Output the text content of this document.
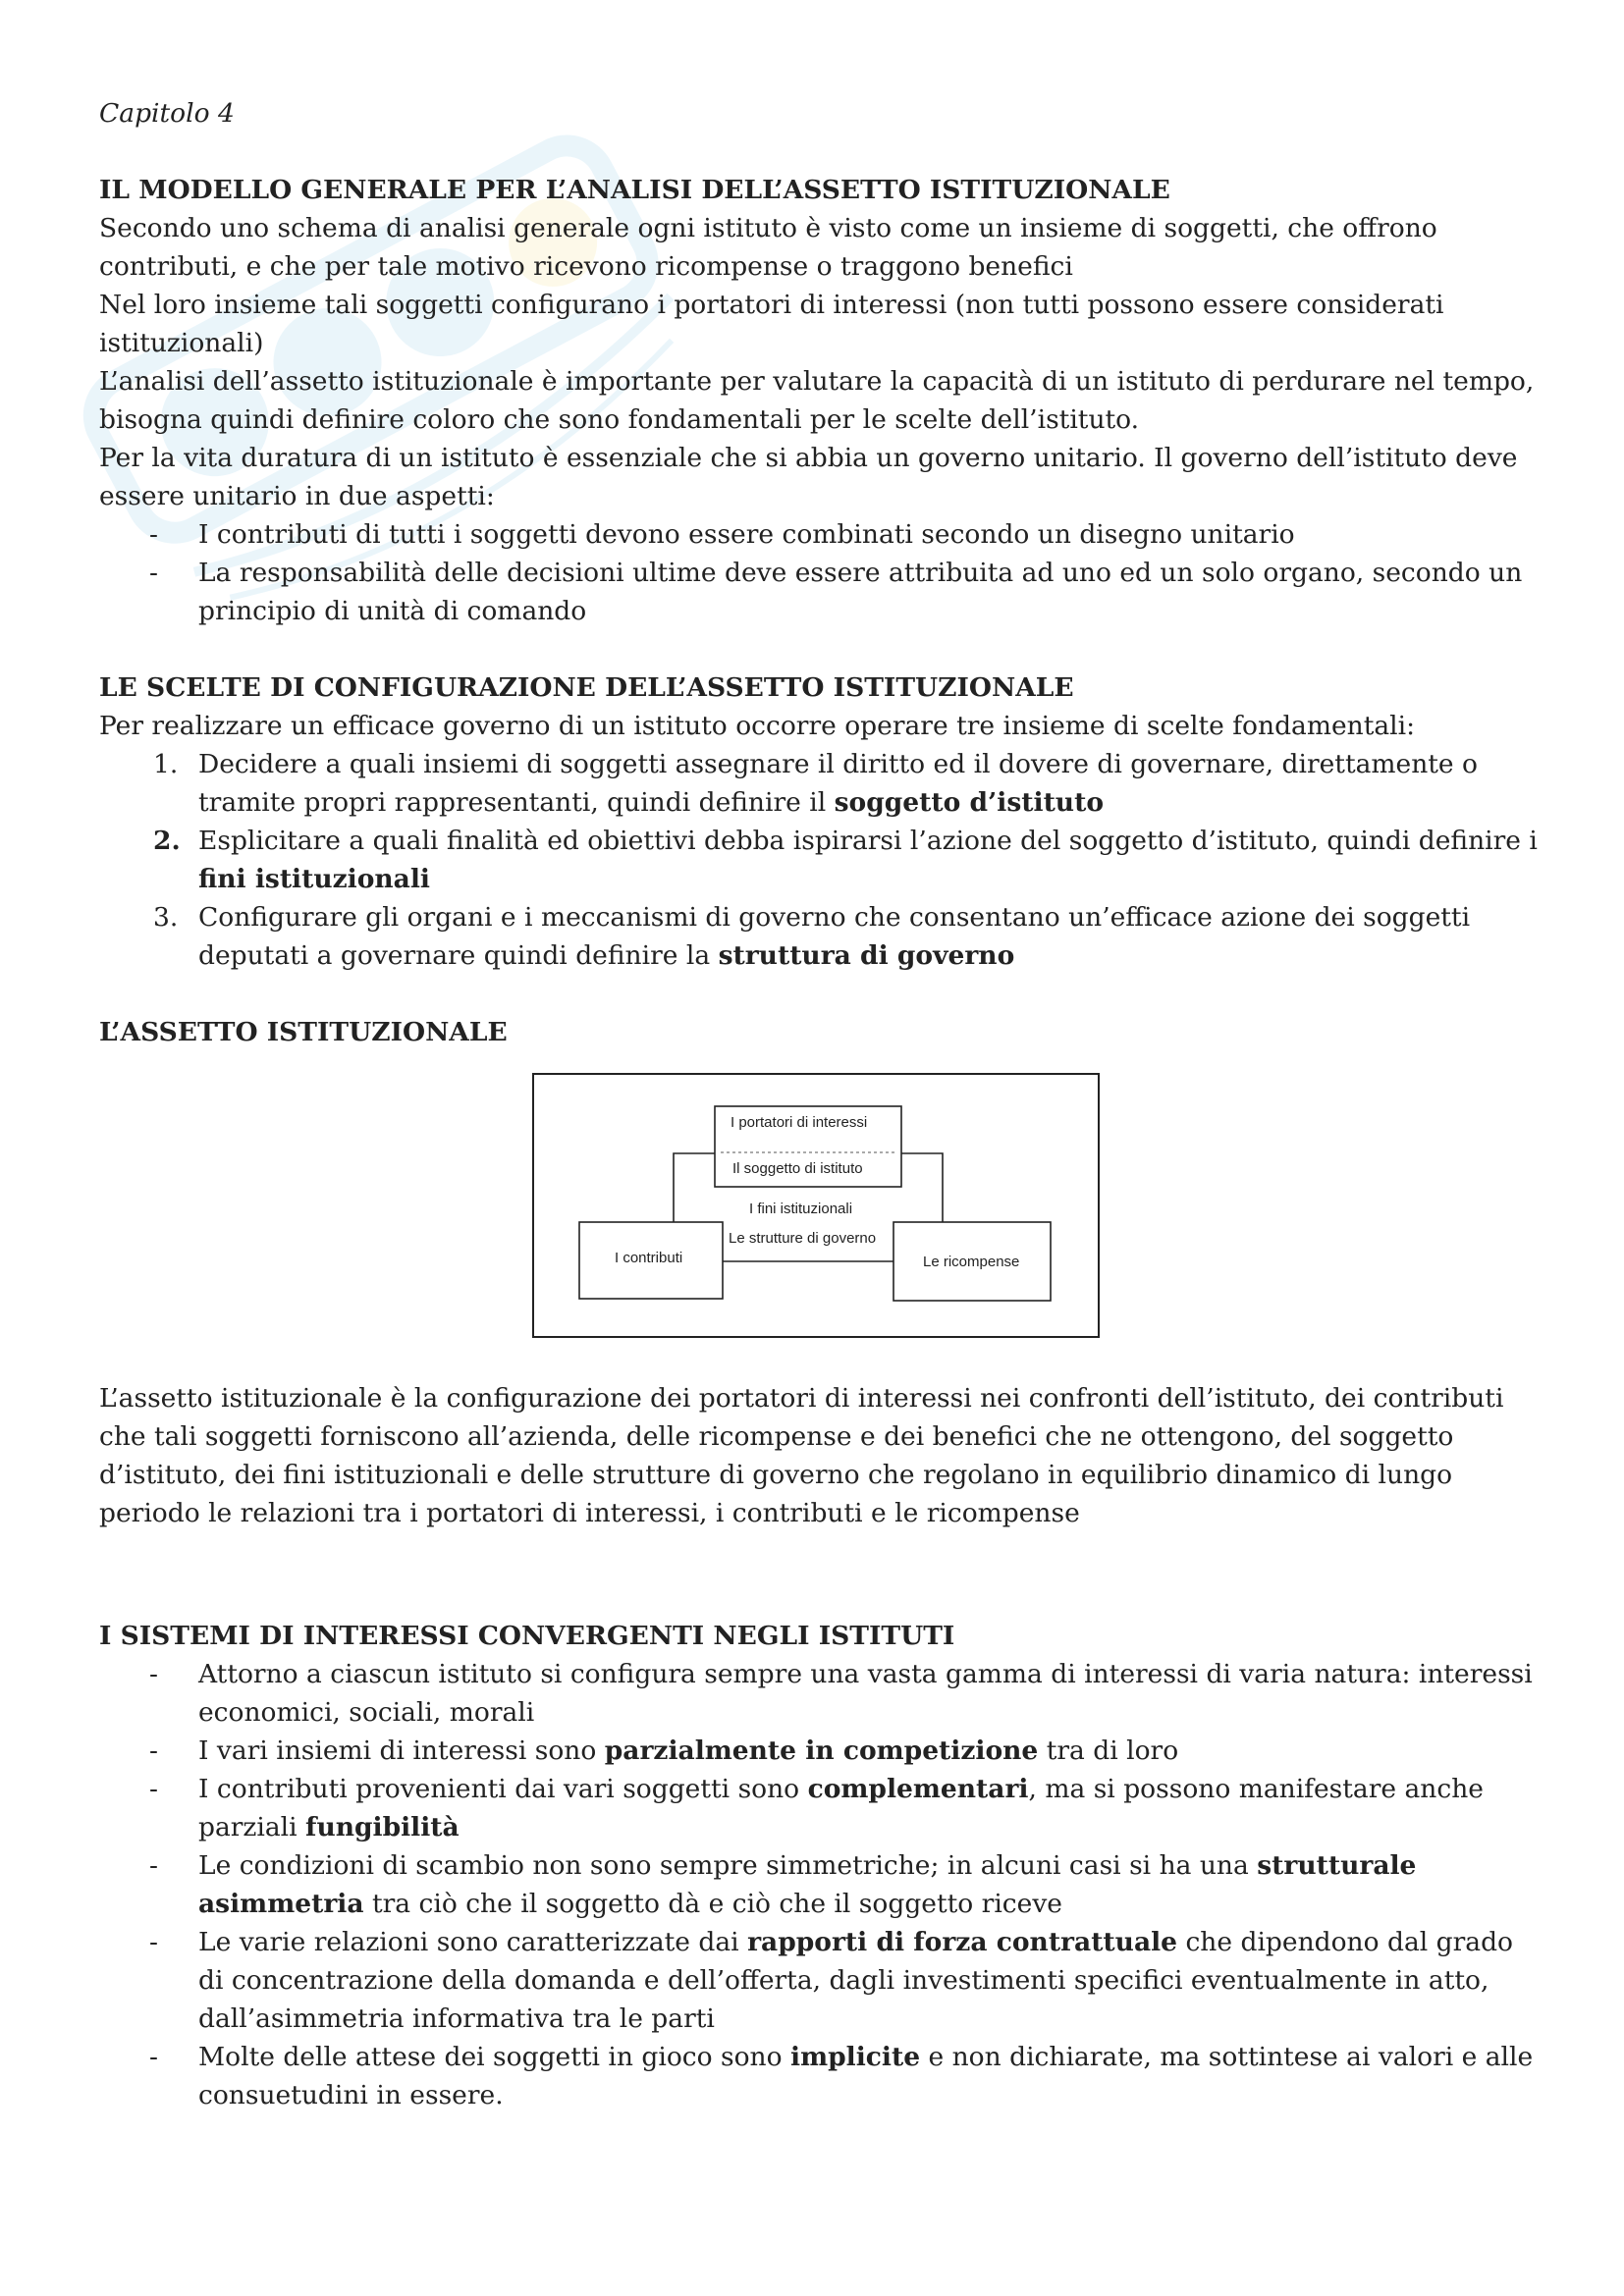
Capitolo 4

IL MODELLO GENERALE PER L’ANALISI DELL’ASSETTO ISTITUZIONALE

Secondo uno schema di analisi generale ogni istituto è visto come un insieme di soggetti, che offrono contributi, e che per tale motivo ricevono ricompense o traggono benefici

Nel loro insieme tali soggetti configurano i portatori di interessi (non tutti possono essere considerati istituzionali)

L’analisi dell’assetto istituzionale è importante per valutare la capacità di un istituto di perdurare nel tempo, bisogna quindi definire coloro che sono fondamentali per le scelte dell’istituto.

Per la vita duratura di un istituto è essenziale che si abbia un governo unitario. Il governo dell’istituto deve essere unitario in due aspetti:

- I contributi di tutti i soggetti devono essere combinati secondo un disegno unitario
- La responsabilità delle decisioni ultime deve essere attribuita ad uno ed un solo organo, secondo un principio di unità di comando
LE SCELTE DI CONFIGURAZIONE DELL’ASSETTO ISTITUZIONALE

Per realizzare un efficace governo di un istituto occorre operare tre insieme di scelte fondamentali:

1. Decidere a quali insiemi di soggetti assegnare il diritto ed il dovere di governare, direttamente o tramite propri rappresentanti, quindi definire il soggetto d’istituto
2. Esplicitare a quali finalità ed obiettivi debba ispirarsi l’azione del soggetto d’istituto, quindi definire i fini istituzionali
3. Configurare gli organi e i meccanismi di governo che consentano un’efficace azione dei soggetti deputati a governare quindi definire la struttura di governo
L’ASSETTO ISTITUZIONALE
I portatori di interessi
Il soggetto di istituto
I fini istituzionali
Le strutture di governo
I contributi	Le ricompense

L’assetto istituzionale è la configurazione dei portatori di interessi nei confronti dell’istituto, dei contributi che tali soggetti forniscono all’azienda, delle ricompense e dei benefici che ne ottengono, del soggetto d’istituto, dei fini istituzionali e delle strutture di governo che regolano in equilibrio dinamico di lungo periodo le relazioni tra i portatori di interessi, i contributi e le ricompense

I SISTEMI DI INTERESSI CONVERGENTI NEGLI ISTITUTI
- Attorno a ciascun istituto si configura sempre una vasta gamma di interessi di varia natura: interessi economici, sociali, morali
- I vari insiemi di interessi sono parzialmente in competizione tra di loro
- I contributi provenienti dai vari soggetti sono complementari, ma si possono manifestare anche parziali fungibilità
- Le condizioni di scambio non sono sempre simmetriche; in alcuni casi si ha una strutturale asimmetria tra ciò che il soggetto dà e ciò che il soggetto riceve
- Le varie relazioni sono caratterizzate dai rapporti di forza contrattuale che dipendono dal grado di concentrazione della domanda e dell’offerta, dagli investimenti specifici eventualmente in atto, dall’asimmetria informativa tra le parti
- Molte delle attese dei soggetti in gioco sono implicite e non dichiarate, ma sottintese ai valori e alle consuetudini in essere.
